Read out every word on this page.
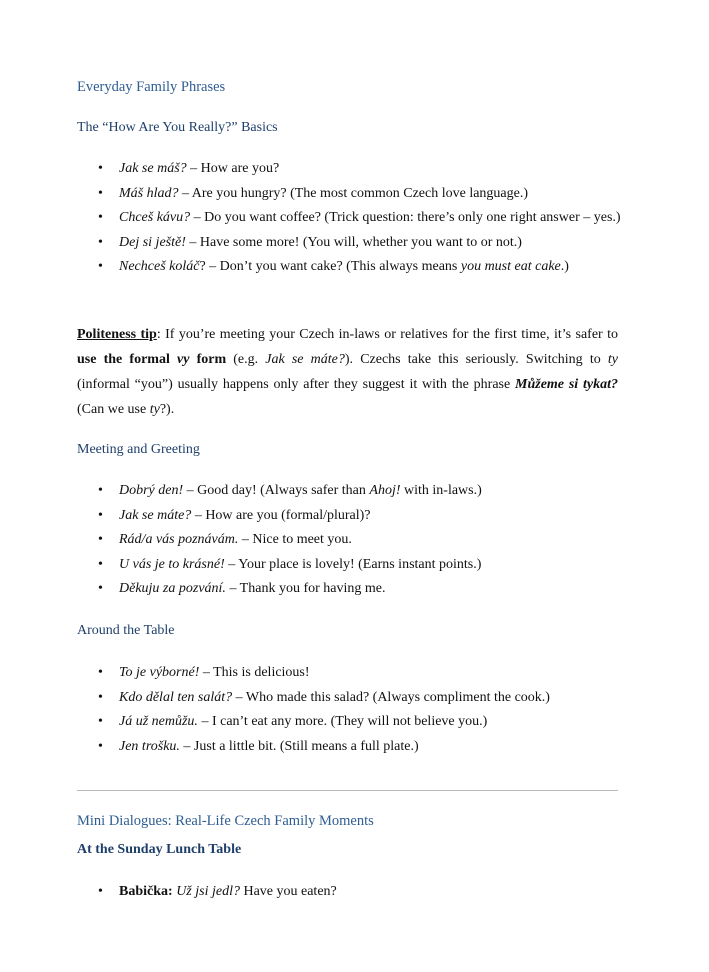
Everyday Family Phrases
The “How Are You Really?” Basics
• Jak se máš? – How are you?
• Máš hlad? – Are you hungry? (The most common Czech love language.)
• Chceš kávu? – Do you want coffee? (Trick question: there’s only one right answer – yes.)
• Dej si ještě! – Have some more! (You will, whether you want to or not.)
• Nechceš koláč? – Don’t you want cake? (This always means you must eat cake.)

Politeness tip: If you’re meeting your Czech in-laws or relatives for the first time, it’s safer to use the formal vy form (e.g. Jak se máte?). Czechs take this seriously. Switching to ty (informal “you”) usually happens only after they suggest it with the phrase Můžeme si tykat? (Can we use ty?).

Meeting and Greeting
• Dobrý den! – Good day! (Always safer than Ahoj! with in-laws.)
• Jak se máte? – How are you (formal/plural)?
• Rád/a vás poznávám. – Nice to meet you.
• U vás je to krásné! – Your place is lovely! (Earns instant points.)
• Děkuju za pozvání. – Thank you for having me.
Around the Table
• To je výborné! – This is delicious!
• Kdo dělal ten salát? – Who made this salad? (Always compliment the cook.)
• Já už nemůžu. – I can’t eat any more. (They will not believe you.)
• Jen trošku. – Just a little bit. (Still means a full plate.)
Mini Dialogues: Real-Life Czech Family Moments
At the Sunday Lunch Table
• Babička: Už jsi jedl? Have you eaten?
